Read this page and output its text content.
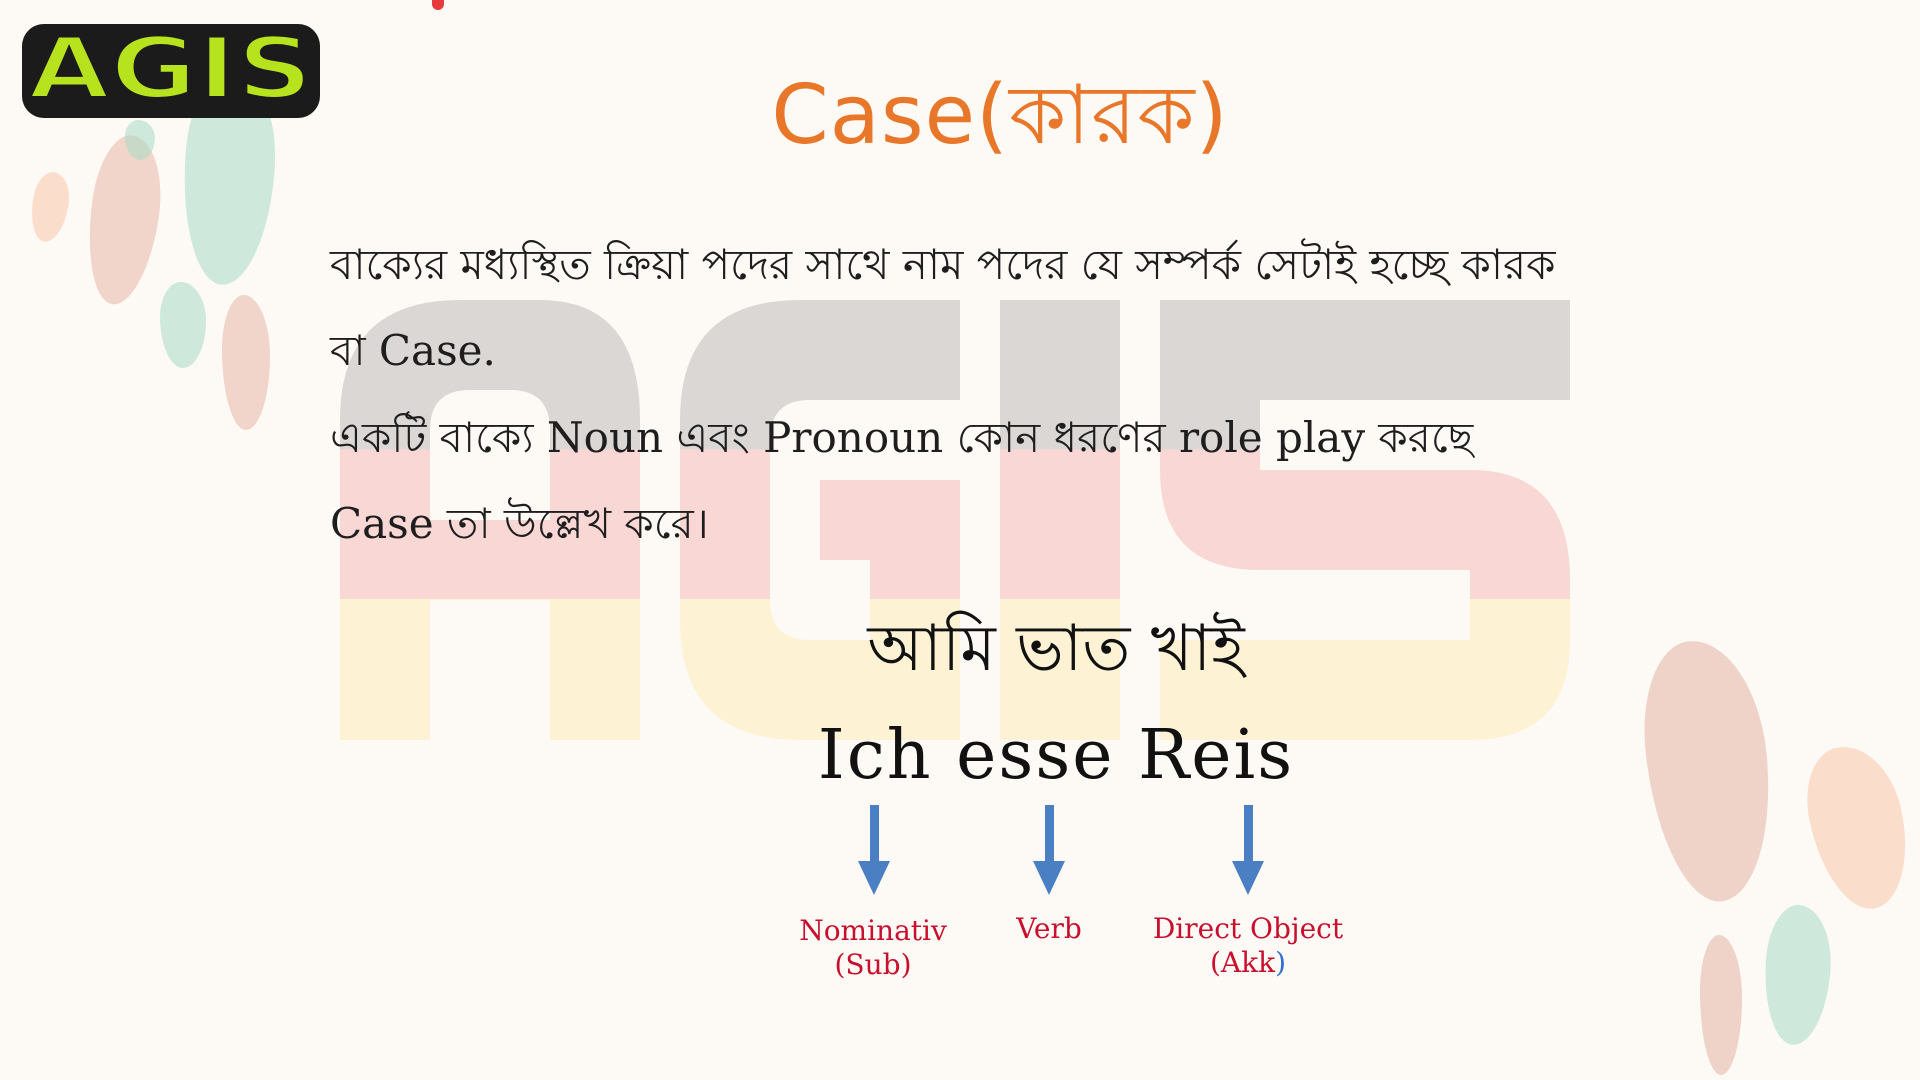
AGIS	Case(কারক)
বাক্যের মধ্যস্থিত ক্রিয়া পদের সাথে নাম পদের যে সম্পর্ক সেটাই হচ্ছে কারক
বা Case.
একটি বাক্যে Noun এবং Pronoun কোন ধরণের role play করছে
Case তা উল্লেখ করে।
আমি ভাত খাই
Ich esse Reis
Nominativ
(Sub)
Verb	Direct Object
(Akk)
